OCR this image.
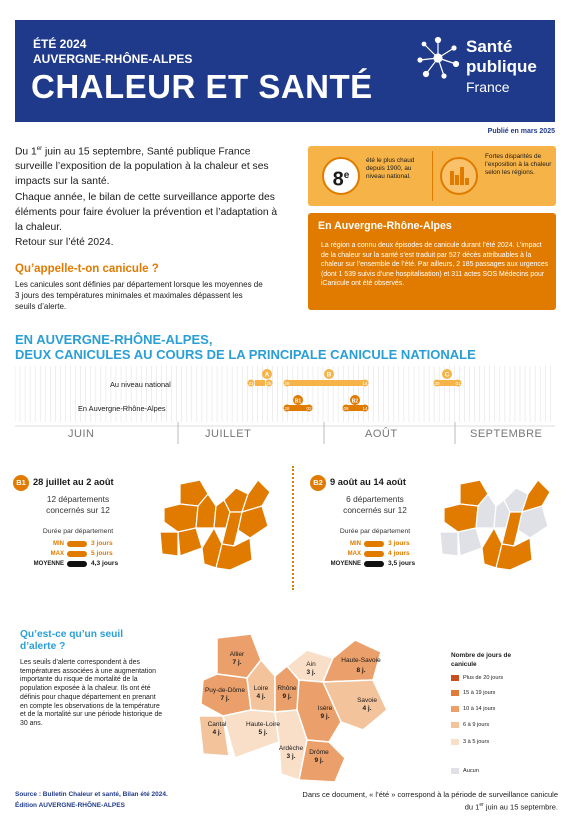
ÉTÉ 2024
AUVERGNE-RHÔNE-ALPES
CHALEUR ET SANTÉ
Santé
publique
France
Publié en mars 2025
Du 1er juin au 15 septembre, Santé publique France surveille l’exposition de la population à la chaleur et ses impacts sur la santé.
Chaque année, le bilan de cette surveillance apporte des éléments pour faire évoluer la prévention et l’adaptation à la chaleur.
Retour sur l’été 2024.
Qu’appelle-t-on canicule ?
Les canicules sont définies par département lorsque les moyennes de 3 jours des températures minimales et maximales dépassent les seuils d’alerte.
8e
été le plus chaud depuis 1900, au niveau national.
Fortes disparités de l’exposition à la chaleur selon les régions.
En Auvergne-Rhône-Alpes
La région a connu deux épisodes de canicule durant l’été 2024. L’impact de la chaleur sur la santé s’est traduit par 527 décès attribuables à la chaleur sur l’ensemble de l’été. Par ailleurs, 2 185 passages aux urgences (dont 1 539 suivis d’une hospitalisation) et 311 actes SOS Médecins pour iCanicule ont été observés.
EN AUVERGNE-RHÔNE-ALPES,
DEUX CANICULES AU COURS DE LA PRINCIPALE CANICULE NATIONALE
A
23	25
B
28	14
C
30	01
B1
28	02
B2
09	14
Au niveau national
En Auvergne-Rhône-Alpes
JUIN	JUILLET	AOÛT	SEPTEMBRE
B1 28 juillet au 2 août
12 départements
concernés sur 12
Durée par département
MIN	3 jours
MAX	5 jours
MOYENNE	4,3 jours
B2 9 août au 14 août
6 départements
concernés sur 12
Durée par département
MIN	3 jours
MAX	4 jours
MOYENNE	3,5 jours
Qu’est-ce qu’un seuil
d’alerte ?
Les seuils d’alerte correspondent à des températures associées à une augmentation importante du risque de mortalité de la population exposée à la chaleur. Ils ont été définis pour chaque département en prenant en compte les observations de la température et de la mortalité sur une période historique de 30 ans.
Allier
7 j.
Puy-de-Dôme
7 j.
Loire
4 j.
Rhône
9 j.
Ain
3 j.
Haute-Savoie
8 j.
Savoie
4 j.
Isère
9 j.
Cantal
4 j.
Haute-Loire
5 j.
Ardèche
3 j.
Drôme
9 j.
Nombre de jours de canicule
Plus de 20 jours
15 à 19 jours
10 à 14 jours
6 à 9 jours
3 à 5 jours
Aucun
Source : Bulletin Chaleur et santé, Bilan été 2024.
Édition AUVERGNE-RHÔNE-ALPES
Dans ce document, « l’été » correspond à la période de surveillance canicule
du 1er juin au 15 septembre.
